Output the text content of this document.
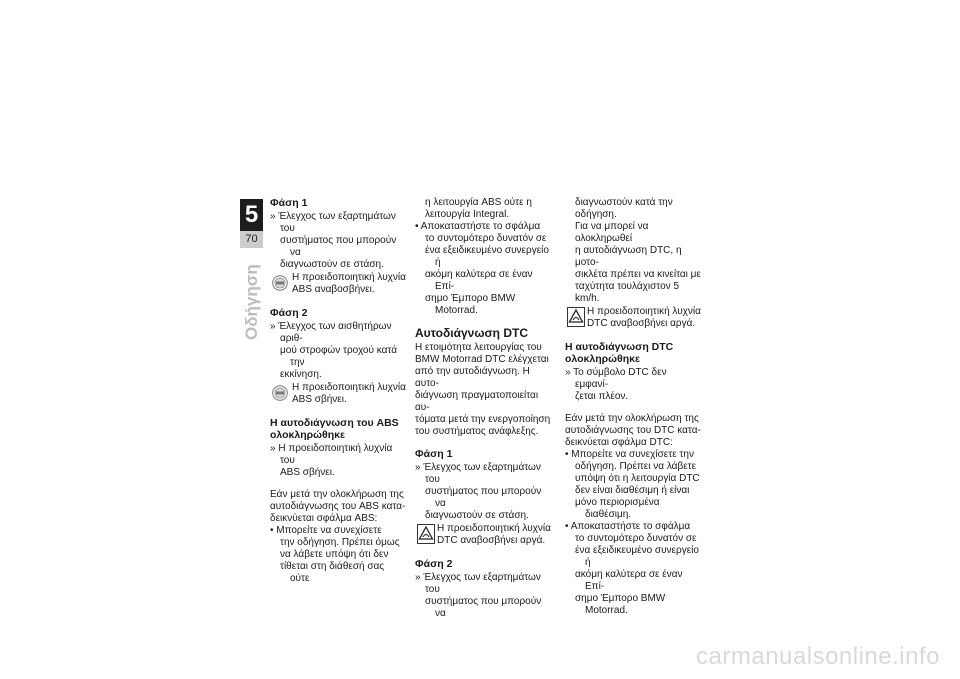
5
70
Οδήγηση
Φάση 1
» Έλεγχος των εξαρτημάτων του
συστήματος που μπορούν να
διαγνωστούν σε στάση.
Η προειδοποιητική λυχνία
ABS αναβοσβήνει.
Φάση 2
» Έλεγχος των αισθητήρων αριθ-
μού στροφών τροχού κατά την
εκκίνηση.
Η προειδοποιητική λυχνία
ABS σβήνει.
Η αυτοδιάγνωση του ABS
ολοκληρώθηκε
» Η προειδοποιητική λυχνία του
ABS σβήνει.
Εάν μετά την ολοκλήρωση της
αυτοδιάγνωσης του ABS κατα-
δεικνύεται σφάλμα ABS:
• Μπορείτε να συνεχίσετε
την οδήγηση. Πρέπει όμως
να λάβετε υπόψη ότι δεν
τίθεται στη διάθεσή σας ούτε
η λειτουργία ABS ούτε η
λειτουργία Integral.
• Αποκαταστήστε το σφάλμα
το συντομότερο δυνατόν σε
ένα εξειδικευμένο συνεργείο ή
ακόμη καλύτερα σε έναν Επί-
σημο Έμπορο BMW Motorrad.
Αυτοδιάγνωση DTC
Η ετοιμότητα λειτουργίας του
BMW Motorrad DTC ελέγχεται
από την αυτοδιάγνωση. Η αυτο-
διάγνωση πραγματοποιείται αυ-
τόματα μετά την ενεργοποίηση
του συστήματος ανάφλεξης.
Φάση 1
» Έλεγχος των εξαρτημάτων του
συστήματος που μπορούν να
διαγνωστούν σε στάση.
Η προειδοποιητική λυχνία
DTC αναβοσβήνει αργά.
Φάση 2
» Έλεγχος των εξαρτημάτων του
συστήματος που μπορούν να
διαγνωστούν κατά την οδήγηση.
Για να μπορεί να ολοκληρωθεί
η αυτοδιάγνωση DTC, η μοτο-
σικλέτα πρέπει να κινείται με
ταχύτητα τουλάχιστον 5 km/h.
Η προειδοποιητική λυχνία
DTC αναβοσβήνει αργά.
Η αυτοδιάγνωση DTC
ολοκληρώθηκε
» Το σύμβολο DTC δεν εμφανί-
ζεται πλέον.
Εάν μετά την ολοκλήρωση της
αυτοδιάγνωσης του DTC κατα-
δεικνύεται σφάλμα DTC:
• Μπορείτε να συνεχίσετε την
οδήγηση. Πρέπει να λάβετε
υπόψη ότι η λειτουργία DTC
δεν είναι διαθέσιμη ή είναι
μόνο περιορισμένα διαθέσιμη.
• Αποκαταστήστε το σφάλμα
το συντομότερο δυνατόν σε
ένα εξειδικευμένο συνεργείο ή
ακόμη καλύτερα σε έναν Επί-
σημο Έμπορο BMW Motorrad.
carmanualsonline.info
